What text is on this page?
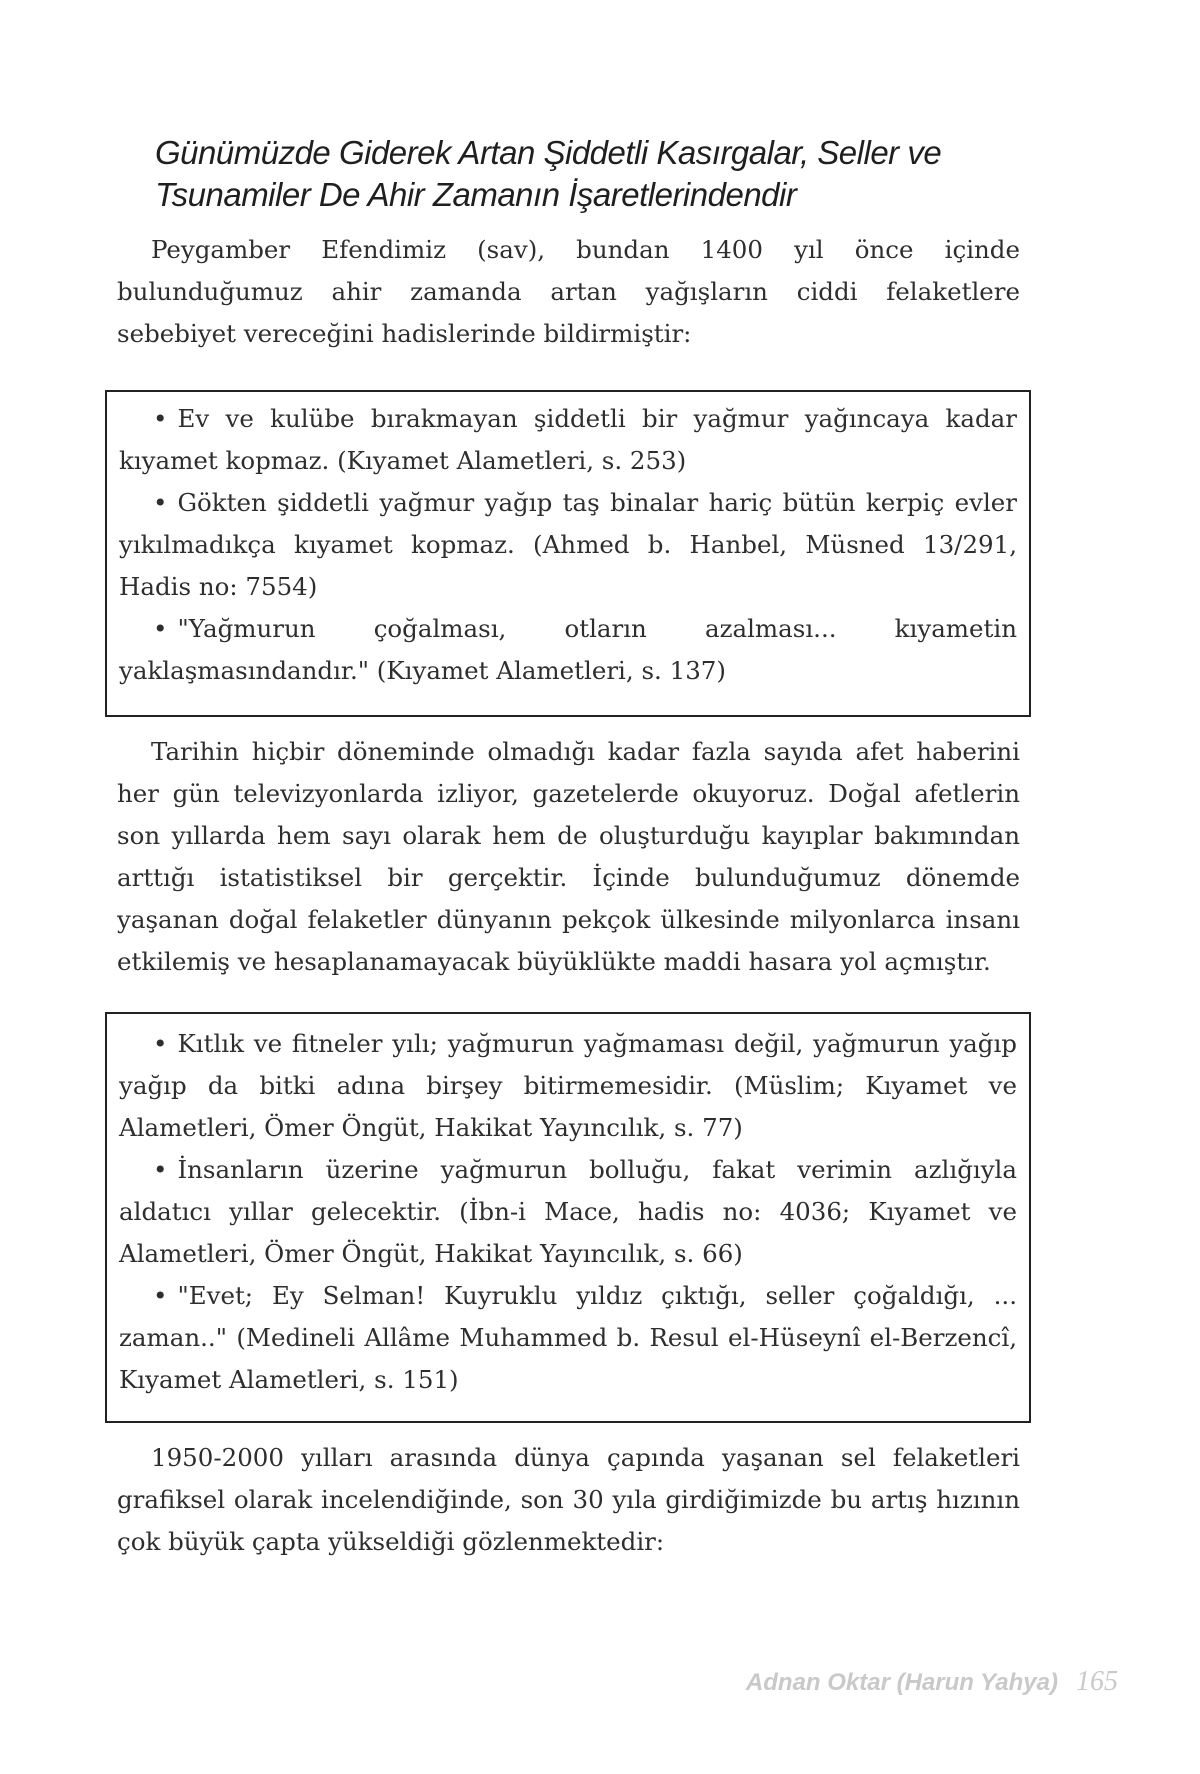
Günümüzde Giderek Artan Şiddetli Kasırgalar, Seller ve
Tsunamiler De Ahir Zamanın İşaretlerindendir

Peygamber Efendimiz (sav), bundan 1400 yıl önce içinde bulunduğumuz ahir zamanda artan yağışların ciddi felaketlere sebebiyet vereceğini hadislerinde bildirmiştir:

• Ev ve kulübe bırakmayan şiddetli bir yağmur yağıncaya kadar kıyamet kopmaz. (Kıyamet Alametleri, s. 253)

• Gökten şiddetli yağmur yağıp taş binalar hariç bütün kerpiç evler yıkılmadıkça kıyamet kopmaz. (Ahmed b. Hanbel, Müsned 13/291, Hadis no: 7554)

• "Yağmurun çoğalması, otların azalması... kıyametin yaklaşmasındandır." (Kıyamet Alametleri, s. 137)

Tarihin hiçbir döneminde olmadığı kadar fazla sayıda afet haberini her gün televizyonlarda izliyor, gazetelerde okuyoruz. Doğal afetlerin son yıllarda hem sayı olarak hem de oluşturduğu kayıplar bakımından arttığı istatistiksel bir gerçektir. İçinde bulunduğumuz dönemde yaşanan doğal felaketler dünyanın pekçok ülkesinde milyonlarca insanı etkilemiş ve hesaplanamayacak büyüklükte maddi hasara yol açmıştır.

• Kıtlık ve fitneler yılı; yağmurun yağmaması değil, yağmurun yağıp yağıp da bitki adına birşey bitirmemesidir. (Müslim; Kıyamet ve Alametleri, Ömer Öngüt, Hakikat Yayıncılık, s. 77)

• İnsanların üzerine yağmurun bolluğu, fakat verimin azlığıyla aldatıcı yıllar gelecektir. (İbn-i Mace, hadis no: 4036; Kıyamet ve Alametleri, Ömer Öngüt, Hakikat Yayıncılık, s. 66)

• "Evet; Ey Selman! Kuyruklu yıldız çıktığı, seller çoğaldığı, ... zaman.." (Medineli Allâme Muhammed b. Resul el-Hüseynî el-Berzencî, Kıyamet Alametleri, s. 151)

1950-2000 yılları arasında dünya çapında yaşanan sel felaketleri grafiksel olarak incelendiğinde, son 30 yıla girdiğimizde bu artış hızının çok büyük çapta yükseldiği gözlenmektedir:

Adnan Oktar (Harun Yahya) 165
